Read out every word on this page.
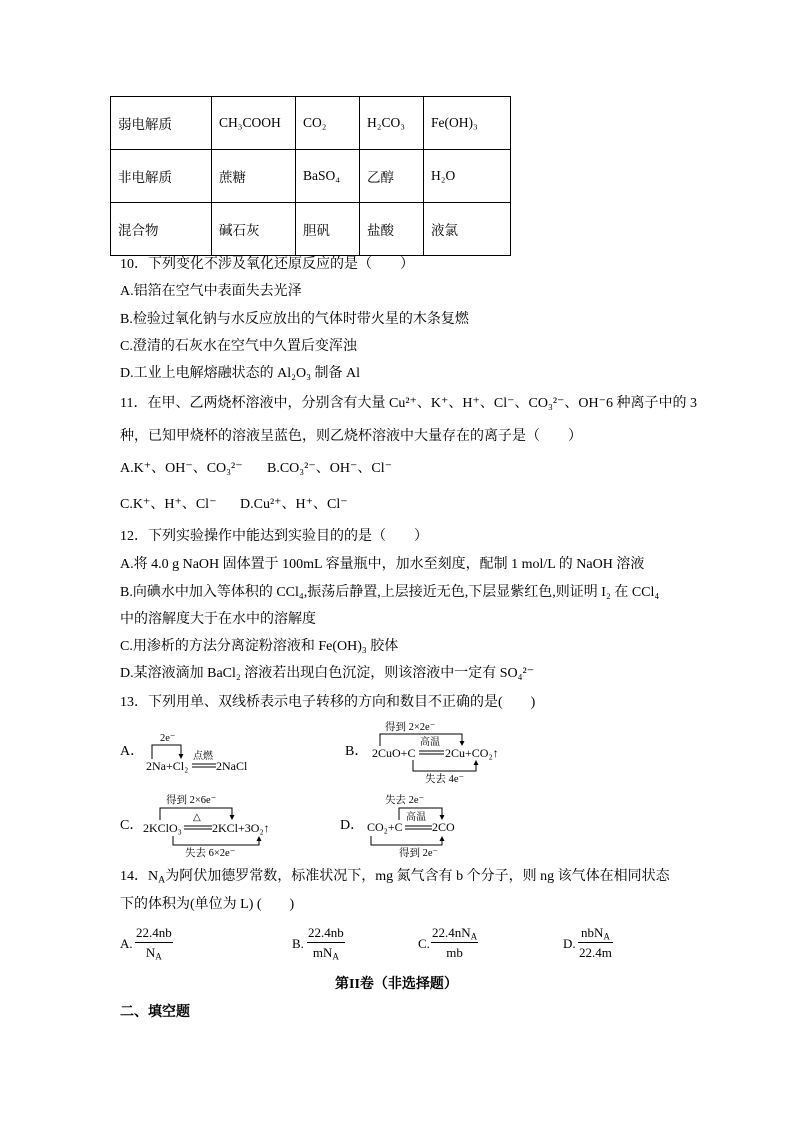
弱电解质	CH₃COOH	CO₂	H₂CO₃	Fe(OH)₃
非电解质	蔗糖	BaSO₄	乙醇	H₂O
混合物	碱石灰	胆矾	盐酸	液氯
10．下列变化不涉及氧化还原反应的是（　　）
A.铝箔在空气中表面失去光泽
B.检验过氧化钠与水反应放出的气体时带火星的木条复燃
C.澄清的石灰水在空气中久置后变浑浊
D.工业上电解熔融状态的 Al₂O₃ 制备 Al
11．在甲、乙两烧杯溶液中，分别含有大量 Cu²⁺、K⁺、H⁺、Cl⁻、CO₃²⁻、OH⁻6 种离子中的 3
种，已知甲烧杯的溶液呈蓝色，则乙烧杯溶液中大量存在的离子是（　　）
A.K⁺、OH⁻、CO₃²⁻ B.CO₃²⁻、OH⁻、Cl⁻
C.K⁺、H⁺、Cl⁻ D.Cu²⁺、H⁺、Cl⁻
12．下列实验操作中能达到实验目的的是（　　）
A.将 4.0 g NaOH 固体置于 100mL 容量瓶中，加水至刻度，配制 1 mol/L 的 NaOH 溶液
B.向碘水中加入等体积的 CCl₄,振荡后静置,上层接近无色,下层显紫红色,则证明 I₂ 在 CCl₄
中的溶解度大于在水中的溶解度
C.用渗析的方法分离淀粉溶液和 Fe(OH)₃ 胶体
D.某溶液滴加 BaCl₂ 溶液若出现白色沉淀，则该溶液中一定有 SO₄²⁻
13．下列用单、双线桥表示电子转移的方向和数目不正确的是(　　)
A．
2e⁻
2Na+Cl₂
点燃
2NaCl
B．
得到 2×2e⁻
2CuO+C
高温
2Cu+CO₂↑
失去 4e⁻
C．
得到 2×6e⁻
2KClO₃
△
2KCl+3O₂↑
失去 6×2e⁻
D．
失去 2e⁻
CO₂+C
高温
2CO
得到 2e⁻
14．$N_A$为阿伏加德罗常数，标准状况下，mg 氮气含有 b 个分子，则 ng 该气体在相同状态
下的体积为(单位为 L) (　　)
A.
22.4nb
$N_A$
B.
22.4nb
$mN_A$
C.
$22.4nN_A$
mb
D.
nbN$_A$
22.4m
第II卷（非选择题）
二、填空题
